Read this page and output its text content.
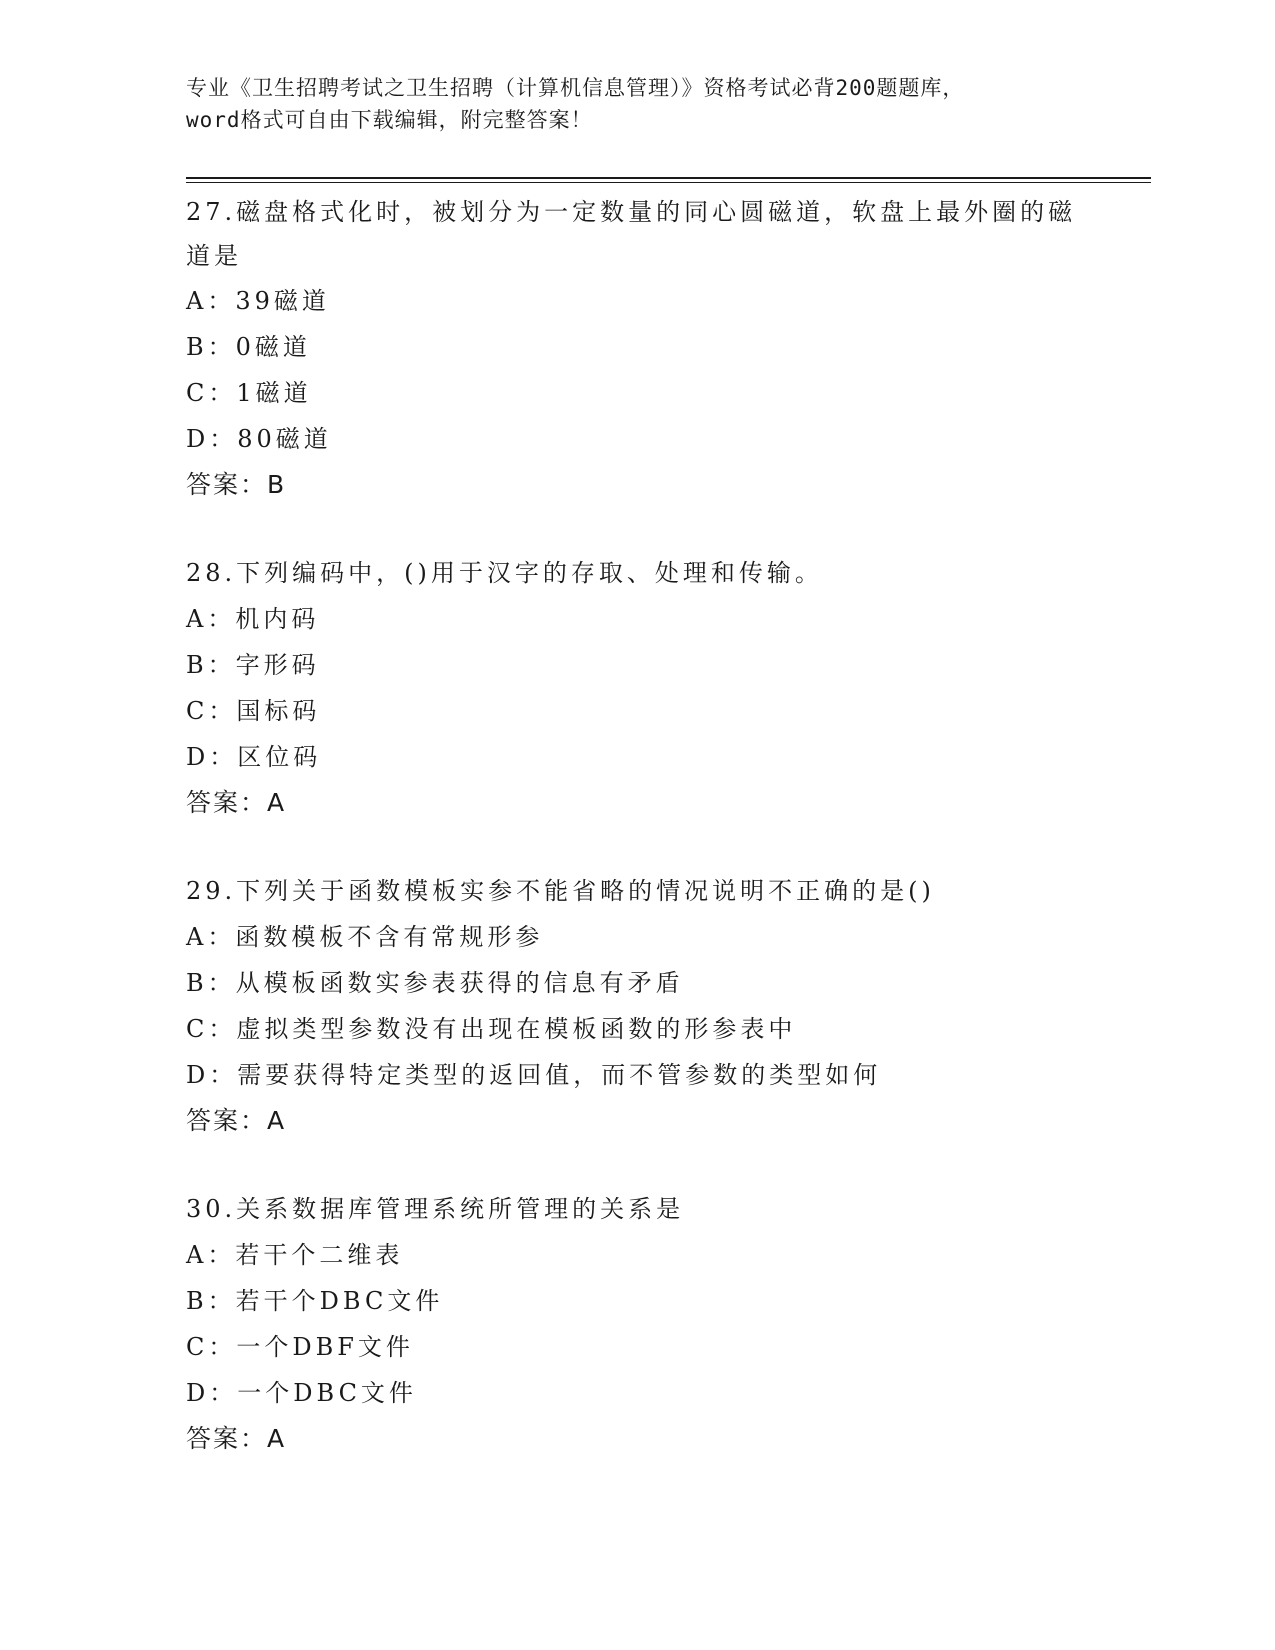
专业《卫生招聘考试之卫生招聘（计算机信息管理）》资格考试必背200题题库，
word格式可自由下载编辑，附完整答案！
27.磁盘格式化时，被划分为一定数量的同心圆磁道，软盘上最外圈的磁道是
A：39磁道
B：0磁道
C：1磁道
D：80磁道
答案：B
28.下列编码中，()用于汉字的存取、处理和传输。
A：机内码
B：字形码
C：国标码
D：区位码
答案：A
29.下列关于函数模板实参不能省略的情况说明不正确的是()
A：函数模板不含有常规形参
B：从模板函数实参表获得的信息有矛盾
C：虚拟类型参数没有出现在模板函数的形参表中
D：需要获得特定类型的返回值，而不管参数的类型如何
答案：A
30.关系数据库管理系统所管理的关系是
A：若干个二维表
B：若干个DBC文件
C：一个DBF文件
D：一个DBC文件
答案：A
